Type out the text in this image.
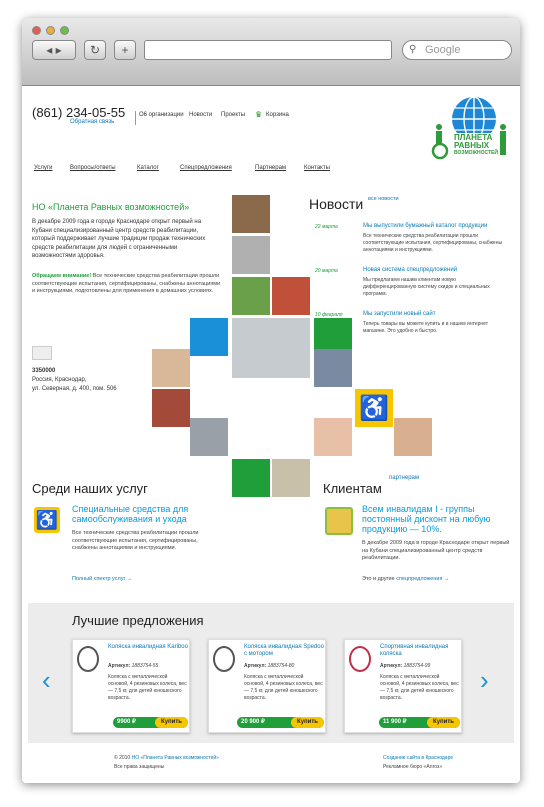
◂ ▸	↻	+	⚲ Google
(861) 234-05-55
Обратная связь
О6 организации Новости Проекты ♛ Корзина
ПЛАНЕТА
РАВНЫХ
ВОЗМОЖНОСТЕЙ
Услуги	Вопросы/ответы	Каталог	Спецпредложения	Партнерам	Контакты
НО «Планета Равных возможностей»
В декабре 2009 года в городе Краснодаре открыт первый на Кубани специализированный центр средств реабилитации, который поддерживает лучшие традиции продаж технических средств реабилитации для людей с ограниченными возможностями здоровья.
Обращаем внимание! Все технические средства реабилитации прошли соответствующие испытания, сертифицированы, снабжены аннотациями и инструкциями, подготовлены для применения в домашних условиях.
3350000
Россия, Краснодар,
ул. Северная, д. 400, пом. 506
♿
Новости все новости
22 марта	Мы выпустили бумажный каталог продукции
Все технические средства реабилитации прошли соответствующие испытания, сертифицированы, снабжены аннотациями и инструкциями.
20 марта	Новая система спецпредложений
Мы предлагаем нашим клиентам новую дифференцированную систему скидок и специальных программ.
10 февраля	Мы запустили новый сайт
Теперь товары вы можете купить и в нашем интернет магазине. Это удобно и быстро.
партнерам
Среди наших услуг
♿
Специальные средства для самообслуживания и ухода
Все технические средства реабилитации прошли соответствующие испытания, сертифицированы, снабжены аннотациями и инструкциями.
Полный спектр услуг →
Клиентам
Всем инвалидам I - группы постоянный дисконт на любую продукцию — 10%.
В декабре 2009 года в городе Краснодаре открыт первый на Кубани специализированный центр средств реабилитации.
Это и другие спецпредложения →
Лучшие предложения
‹	›
Коляска инвалидная Kariboo
Артикул: 1883754-55
Коляска с металлической основой, 4 резиновых колеса, вес — 7,5 кг, для детей юношеского возраста.
9900 ₽	Купить
Коляска инвалидная Spedoo с мотором
Артикул: 1883754-80
Коляска с металлической основой, 4 резиновых колеса, вес — 7,5 кг, для детей юношеского возраста.
20 900 ₽	Купить
Спортивная инвалидная коляска
Артикул: 1883754-99
Коляска с металлической основой, 4 резиновых колеса, вес — 7,5 кг, для детей юношеского возраста.
11 900 ₽	Купить
© 2010 НО «Планета Равных возможностей»
Все права защищены
Создание сайта в Краснодаре
Рекламное бюро «Алгоз»
